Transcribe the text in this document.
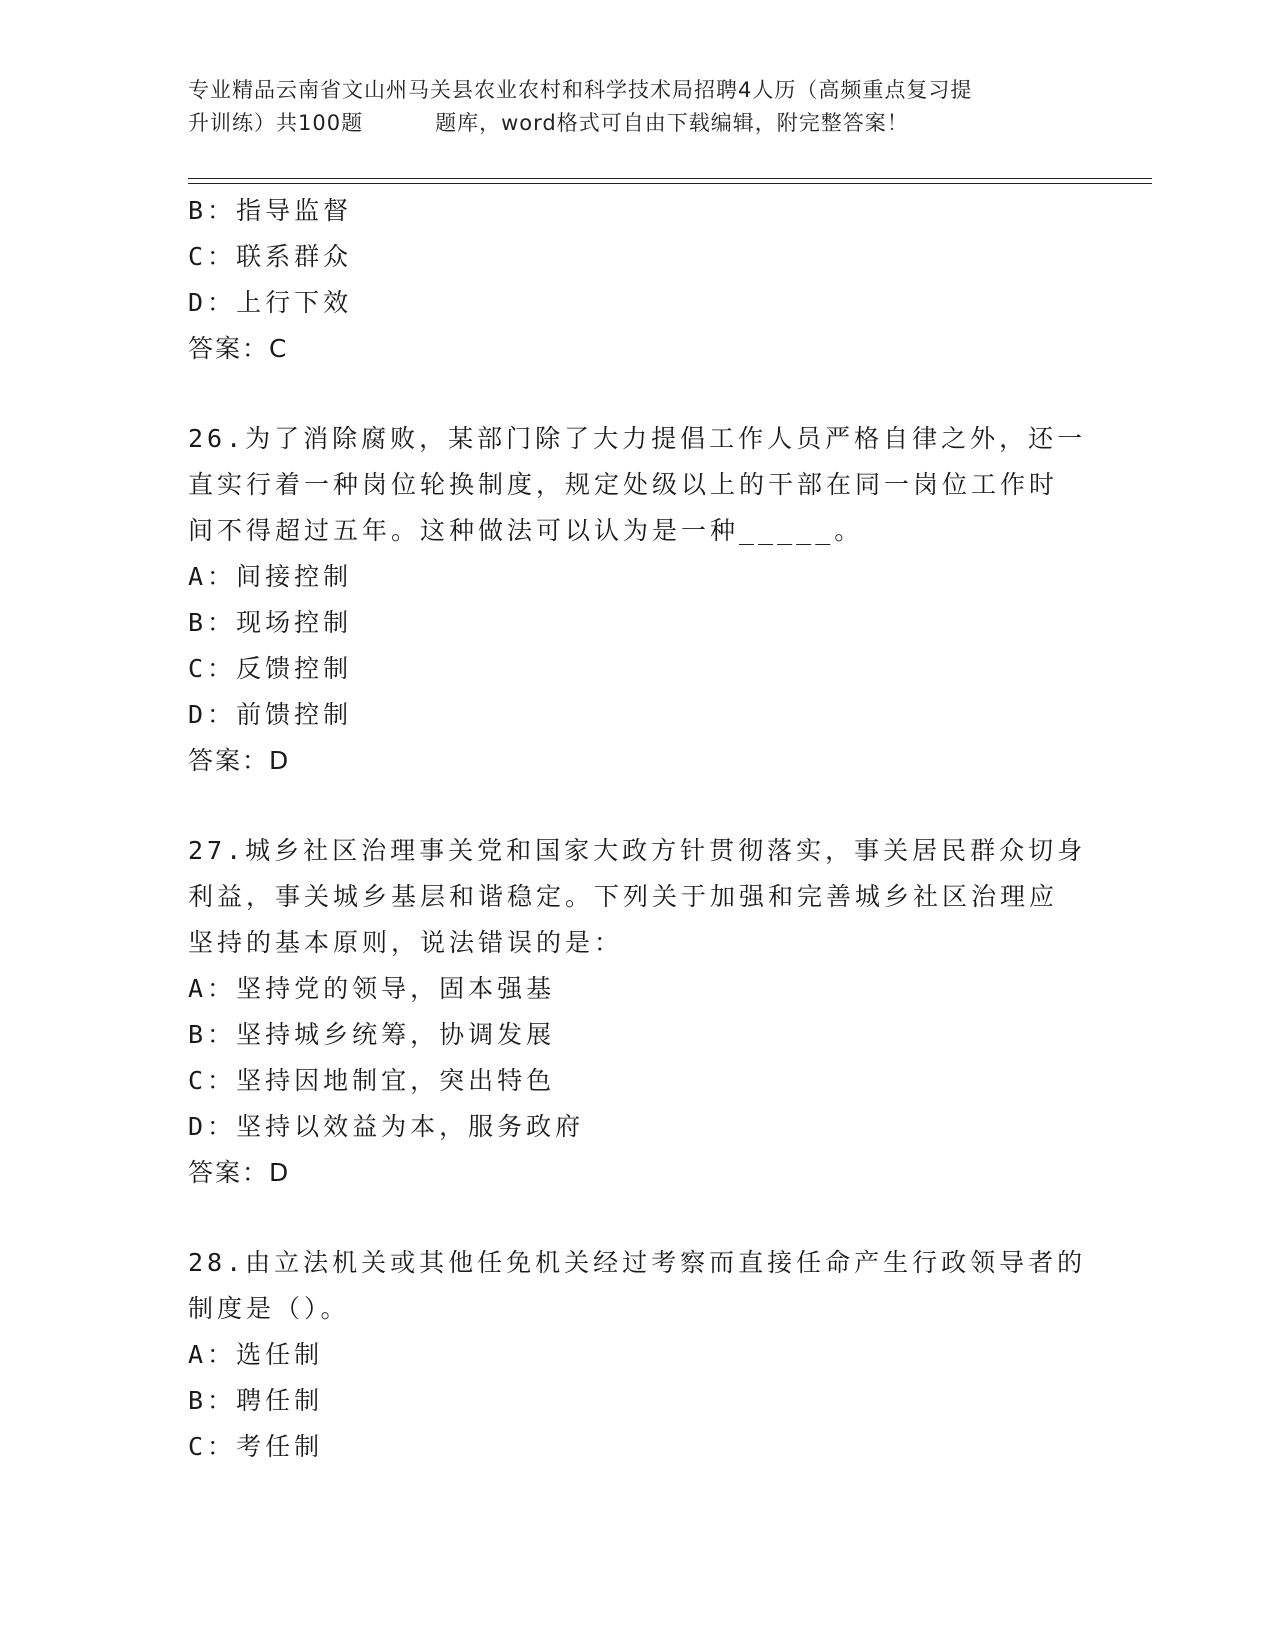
专业精品云南省文山州马关县农业农村和科学技术局招聘4人历（高频重点复习提
升训练）共100题	题库，word格式可自由下载编辑，附完整答案！
B：指导监督
C：联系群众
D：上行下效
答案：C
26.为了消除腐败，某部门除了大力提倡工作人员严格自律之外，还一
直实行着一种岗位轮换制度，规定处级以上的干部在同一岗位工作时
间不得超过五年。这种做法可以认为是一种_____。
A：间接控制
B：现场控制
C：反馈控制
D：前馈控制
答案：D
27.城乡社区治理事关党和国家大政方针贯彻落实，事关居民群众切身
利益，事关城乡基层和谐稳定。下列关于加强和完善城乡社区治理应
坚持的基本原则，说法错误的是：
A：坚持党的领导，固本强基
B：坚持城乡统筹，协调发展
C：坚持因地制宜，突出特色
D：坚持以效益为本，服务政府
答案：D
28.由立法机关或其他任免机关经过考察而直接任命产生行政领导者的
制度是（）。
A：选任制
B：聘任制
C：考任制
